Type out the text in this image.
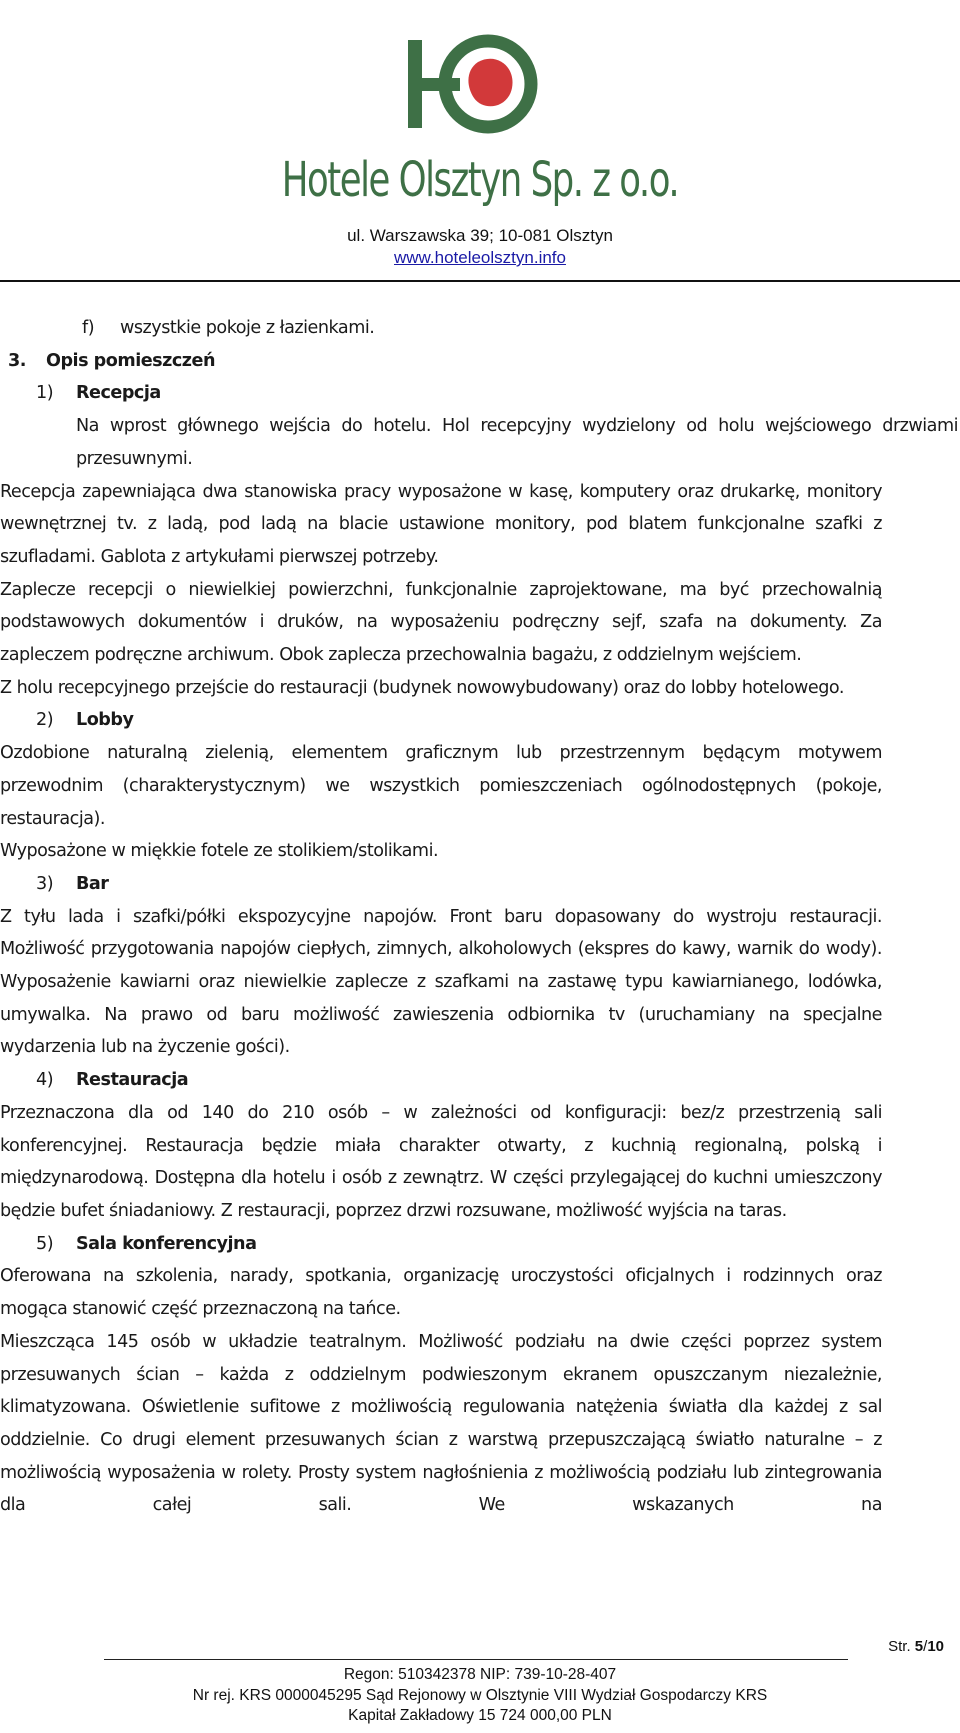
Hotele Olsztyn Sp. z o.o.
ul. Warszawska 39; 10-081 Olsztyn
www.hoteleolsztyn.info
f) wszystkie pokoje z łazienkami.
3. Opis pomieszczeń
1) Recepcja

Na wprost głównego wejścia do hotelu. Hol recepcyjny wydzielony od holu wejściowego drzwiami przesuwnymi.

Recepcja zapewniająca dwa stanowiska pracy wyposażone w kasę, komputery oraz drukarkę, monitory wewnętrznej tv. z ladą, pod ladą na blacie ustawione monitory, pod blatem funkcjonalne szafki z szufladami. Gablota z artykułami pierwszej potrzeby.

Zaplecze recepcji o niewielkiej powierzchni, funkcjonalnie zaprojektowane, ma być przechowalnią podstawowych dokumentów i druków, na wyposażeniu podręczny sejf, szafa na dokumenty. Za zapleczem podręczne archiwum. Obok zaplecza przechowalnia bagażu, z oddzielnym wejściem.

Z holu recepcyjnego przejście do restauracji (budynek nowowybudowany) oraz do lobby hotelowego.

2) Lobby

Ozdobione naturalną zielenią, elementem graficznym lub przestrzennym będącym motywem przewodnim (charakterystycznym) we wszystkich pomieszczeniach ogólnodostępnych (pokoje, restauracja).

Wyposażone w miękkie fotele ze stolikiem/stolikami.

3) Bar

Z tyłu lada i szafki/półki ekspozycyjne napojów. Front baru dopasowany do wystroju restauracji. Możliwość przygotowania napojów ciepłych, zimnych, alkoholowych (ekspres do kawy, warnik do wody). Wyposażenie kawiarni oraz niewielkie zaplecze z szafkami na zastawę typu kawiarnianego, lodówka, umywalka. Na prawo od baru możliwość zawieszenia odbiornika tv (uruchamiany na specjalne wydarzenia lub na życzenie gości).

4) Restauracja

Przeznaczona dla od 140 do 210 osób – w zależności od konfiguracji: bez/z przestrzenią sali konferencyjnej. Restauracja będzie miała charakter otwarty, z kuchnią regionalną, polską i międzynarodową. Dostępna dla hotelu i osób z zewnątrz. W części przylegającej do kuchni umieszczony będzie bufet śniadaniowy. Z restauracji, poprzez drzwi rozsuwane, możliwość wyjścia na taras.

5) Sala konferencyjna

Oferowana na szkolenia, narady, spotkania, organizację uroczystości oficjalnych i rodzinnych oraz mogąca stanowić część przeznaczoną na tańce.

Mieszcząca 145 osób w układzie teatralnym. Możliwość podziału na dwie części poprzez system przesuwanych ścian – każda z oddzielnym podwieszonym ekranem opuszczanym niezależnie, klimatyzowana. Oświetlenie sufitowe z możliwością regulowania natężenia światła dla każdej z sal oddzielnie. Co drugi element przesuwanych ścian z warstwą przepuszczającą światło naturalne – z możliwością wyposażenia w rolety. Prosty system nagłośnienia z możliwością podziału lub zintegrowania dla całej sali. We wskazanych na

Str. 5/10
Regon: 510342378 NIP: 739-10-28-407
Nr rej. KRS 0000045295 Sąd Rejonowy w Olsztynie VIII Wydział Gospodarczy KRS
Kapitał Zakładowy 15 724 000,00 PLN
